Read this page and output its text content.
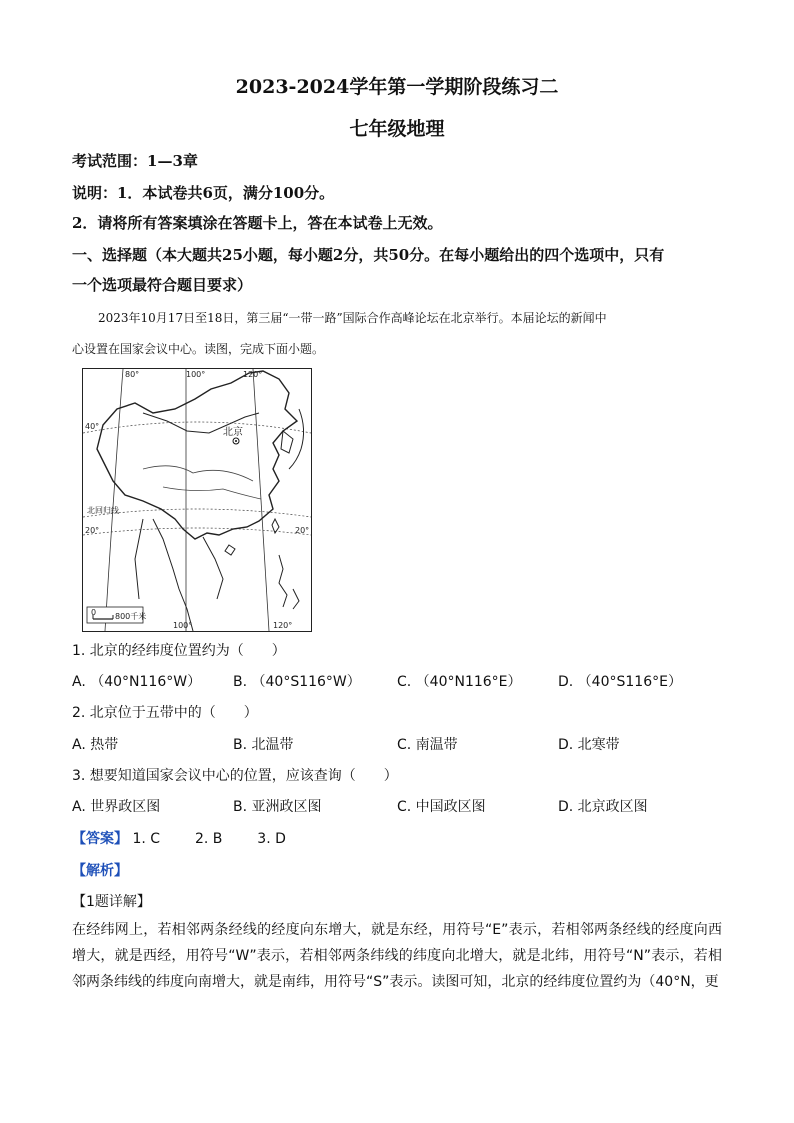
2023-2024学年第一学期阶段练习二
七年级地理
考试范围：1—3章
说明：1．本试卷共6页，满分100分。
2．请将所有答案填涂在答题卡上，答在本试卷上无效。
一、选择题（本大题共25小题，每小题2分，共50分。在每小题给出的四个选项中，只有
一个选项最符合题目要求）
2023年10月17日至18日，第三届“一带一路”国际合作高峰论坛在北京举行。本届论坛的新闻中
心设置在国家会议中心。读图，完成下面小题。
80°	100°	120°
100°	120°
40°
20°	20°
北回归线
北京
0 800千米
1. 北京的经纬度位置约为（　　）
A. （40°N116°W） B. （40°S116°W）	C. （40°N116°E）	D. （40°S116°E）
2. 北京位于五带中的（　　）
A. 热带	B. 北温带	C. 南温带	D. 北寒带
3. 想要知道国家会议中心的位置，应该查询（　　）
A. 世界政区图	B. 亚洲政区图	C. 中国政区图	D. 北京政区图
【答案】 1. C 2. B 3. D
【解析】
【1题详解】
在经纬网上，若相邻两条经线的经度向东增大，就是东经，用符号“E”表示，若相邻两条经线的经度向西增大，就是西经，用符号“W”表示，若相邻两条纬线的纬度向北增大，就是北纬，用符号“N”表示，若相邻两条纬线的纬度向南增大，就是南纬，用符号“S”表示。读图可知，北京的经纬度位置约为（40°N，更
